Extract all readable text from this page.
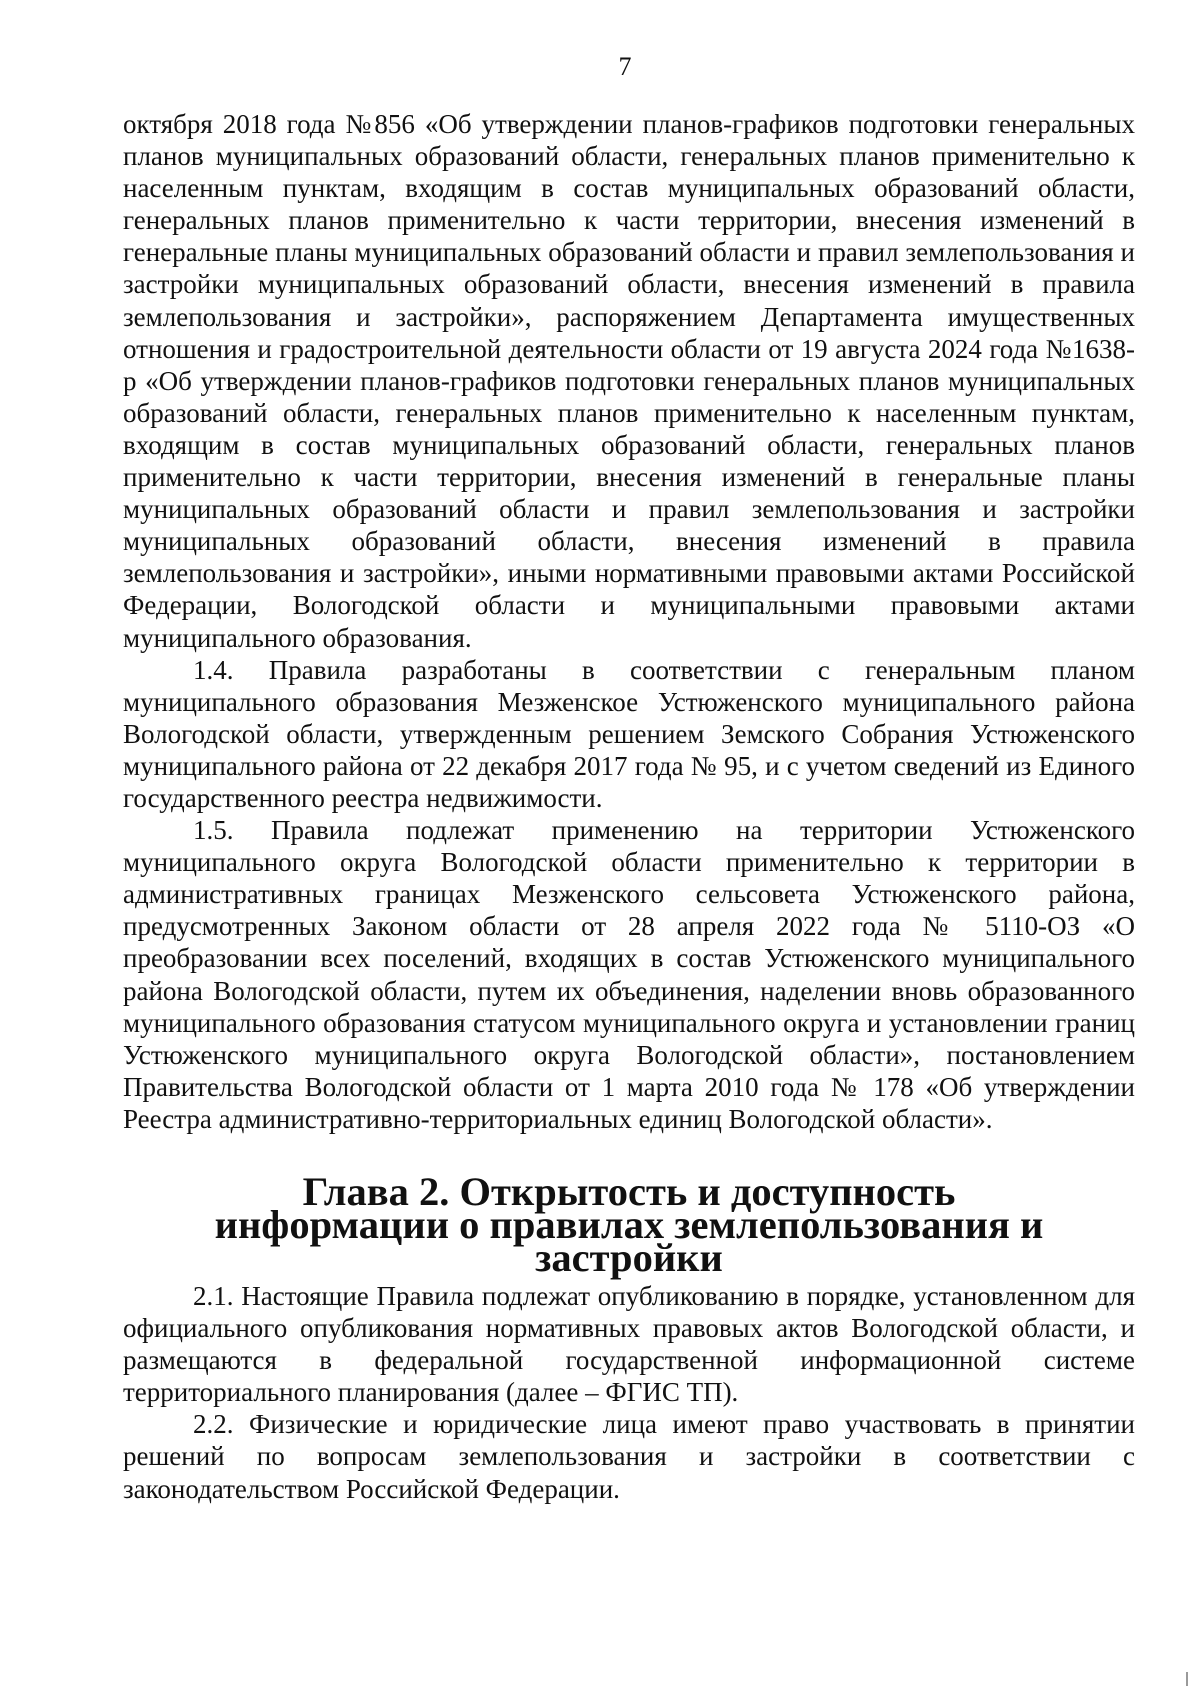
7

октября 2018 года №856 «Об утверждении планов-графиков подготовки генеральных планов муниципальных образований области, генеральных планов применительно к населенным пунктам, входящим в состав муниципальных образований области, генеральных планов применительно к части территории, внесения изменений в генеральные планы муниципальных образований области и правил землепользования и застройки муниципальных образований области, внесения изменений в правила землепользования и застройки», распоряжением Департамента имущественных отношения и градостроительной деятельности области от 19 августа 2024 года №1638-р «Об утверждении планов-графиков подготовки генеральных планов муниципальных образований области, генеральных планов применительно к населенным пунктам, входящим в состав муниципальных образований области, генеральных планов применительно к части территории, внесения изменений в генеральные планы муниципальных образований области и правил землепользования и застройки муниципальных образований области, внесения изменений в правила землепользования и застройки», иными нормативными правовыми актами Российской Федерации, Вологодской области и муниципальными правовыми актами муниципального образования.

1.4. Правила разработаны в соответствии с генеральным планом муниципального образования Мезженское Устюженского муниципального района Вологодской области, утвержденным решением Земского Собрания Устюженского муниципального района от 22 декабря 2017 года № 95, и с учетом сведений из Единого государственного реестра недвижимости.

1.5. Правила подлежат применению на территории Устюженского муниципального округа Вологодской области применительно к территории в административных границах Мезженского сельсовета Устюженского района, предусмотренных Законом области от 28 апреля 2022 года № 5110-ОЗ «О преобразовании всех поселений, входящих в состав Устюженского муниципального района Вологодской области, путем их объединения, наделении вновь образованного муниципального образования статусом муниципального округа и установлении границ Устюженского муниципального округа Вологодской области», постановлением Правительства Вологодской области от 1 марта 2010 года № 178 «Об утверждении Реестра административно-территориальных единиц Вологодской области».

Глава 2. Открытость и доступность
информации о правилах землепользования и застройки

2.1. Настоящие Правила подлежат опубликованию в порядке, установленном для официального опубликования нормативных правовых актов Вологодской области, и размещаются в федеральной государственной информационной системе территориального планирования (далее – ФГИС ТП).

2.2. Физические и юридические лица имеют право участвовать в принятии решений по вопросам землепользования и застройки в соответствии с законодательством Российской Федерации.
